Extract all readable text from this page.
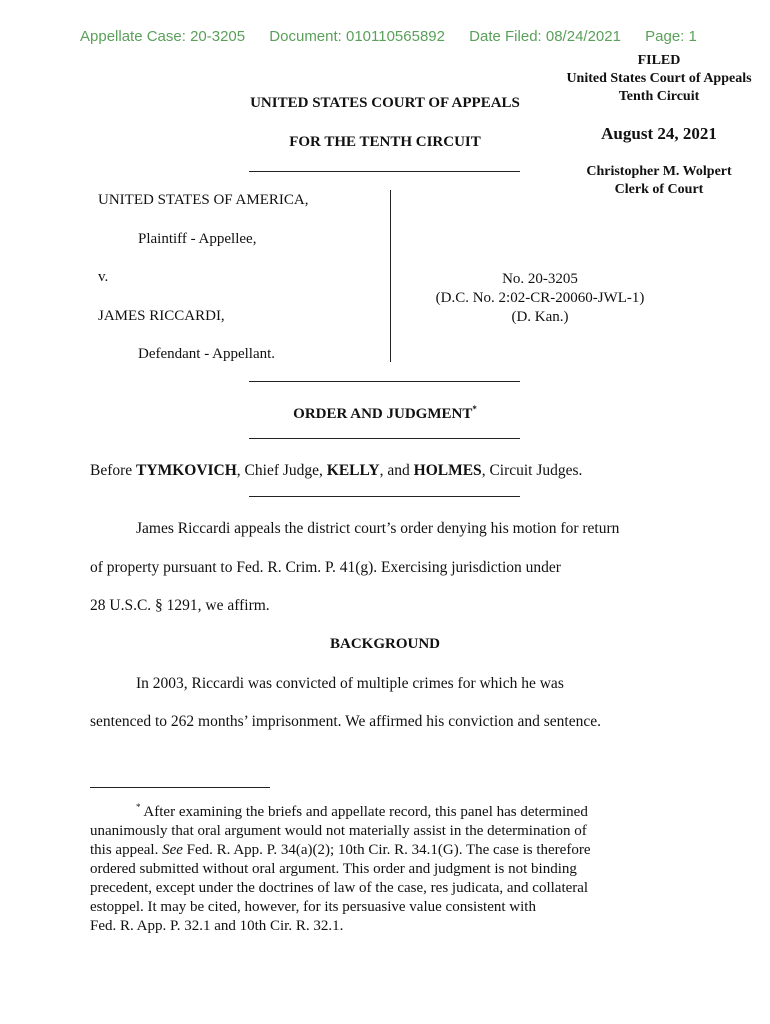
Appellate Case: 20-3205 Document: 010110565892 Date Filed: 08/24/2021 Page: 1
FILED
United States Court of Appeals
Tenth Circuit
August 24, 2021
Christopher M. Wolpert
Clerk of Court
UNITED STATES COURT OF APPEALS
FOR THE TENTH CIRCUIT
UNITED STATES OF AMERICA,
Plaintiff - Appellee,
v.
JAMES RICCARDI,
Defendant - Appellant.
No. 20-3205
(D.C. No. 2:02-CR-20060-JWL-1)
(D. Kan.)
ORDER AND JUDGMENT*
Before TYMKOVICH, Chief Judge, KELLY, and HOLMES, Circuit Judges.
James Riccardi appeals the district court’s order denying his motion for return
of property pursuant to Fed. R. Crim. P. 41(g). Exercising jurisdiction under
28 U.S.C. § 1291, we affirm.
BACKGROUND
In 2003, Riccardi was convicted of multiple crimes for which he was
sentenced to 262 months’ imprisonment. We affirmed his conviction and sentence.

* After examining the briefs and appellate record, this panel has determined

unanimously that oral argument would not materially assist in the determination of

this appeal. See Fed. R. App. P. 34(a)(2); 10th Cir. R. 34.1(G). The case is therefore

ordered submitted without oral argument. This order and judgment is not binding

precedent, except under the doctrines of law of the case, res judicata, and collateral

estoppel. It may be cited, however, for its persuasive value consistent with

Fed. R. App. P. 32.1 and 10th Cir. R. 32.1.
